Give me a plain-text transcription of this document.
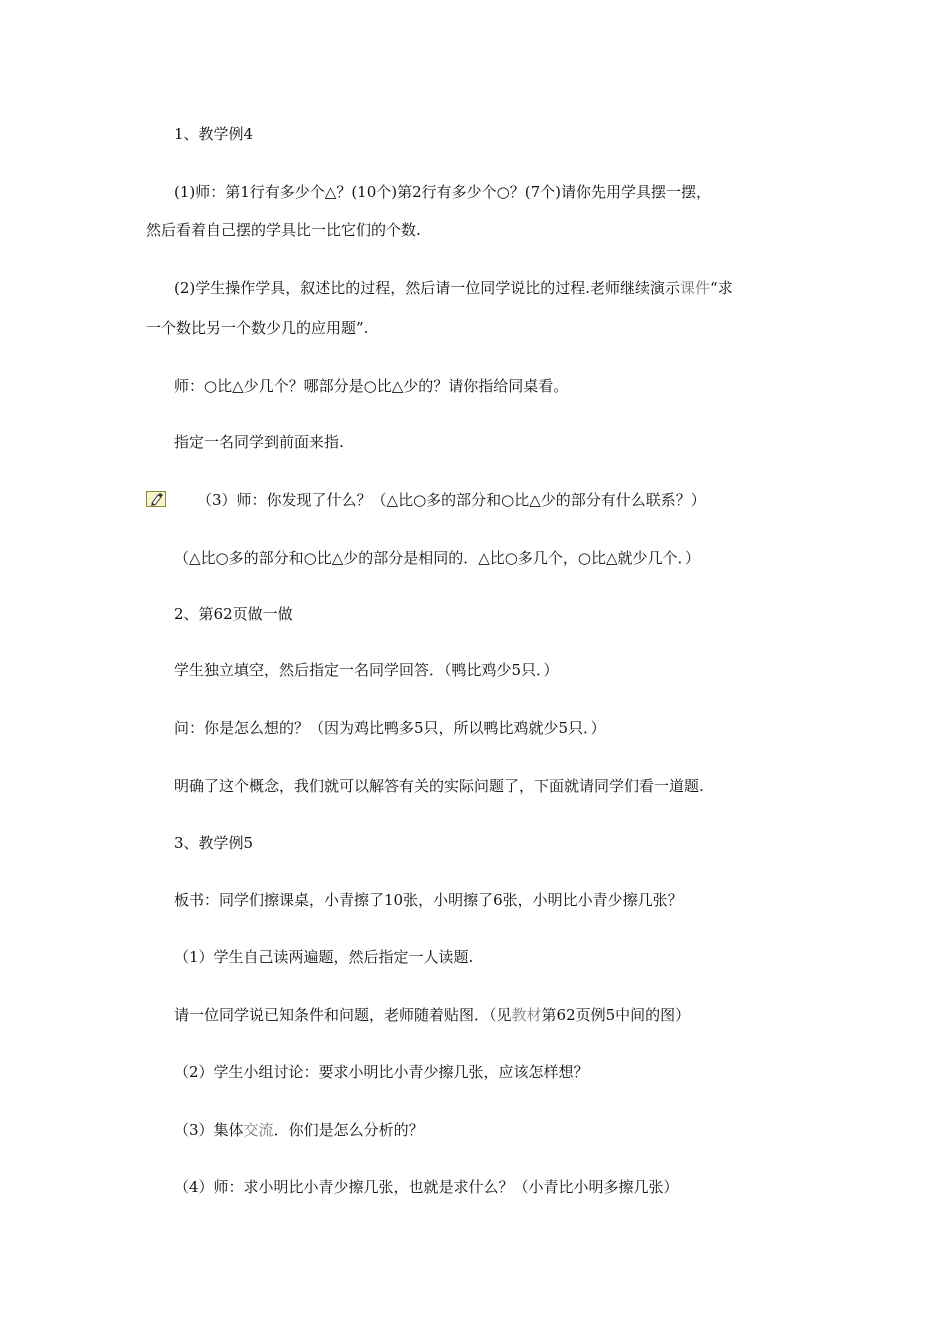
1、教学例4
(1)师：第1行有多少个△？(10个)第2行有多少个○？(7个)请你先用学具摆一摆，
然后看着自己摆的学具比一比它们的个数.
(2)学生操作学具，叙述比的过程，然后请一位同学说比的过程.老师继续演示课件“求
一个数比另一个数少几的应用题”.
师：○比△少几个？哪部分是○比△少的？请你指给同桌看。
指定一名同学到前面来指.
（3）师：你发现了什么？（△比○多的部分和○比△少的部分有什么联系？）
（△比○多的部分和○比△少的部分是相同的．△比○多几个，○比△就少几个．）
2、第62页做一做
学生独立填空，然后指定一名同学回答．（鸭比鸡少5只．）
问：你是怎么想的？（因为鸡比鸭多5只，所以鸭比鸡就少5只．）
明确了这个概念，我们就可以解答有关的实际问题了，下面就请同学们看一道题.
3、教学例5
板书：同学们擦课桌，小青擦了10张，小明擦了6张，小明比小青少擦几张？
（1）学生自己读两遍题，然后指定一人读题.
请一位同学说已知条件和问题，老师随着贴图．（见教材第62页例5中间的图）
（2）学生小组讨论：要求小明比小青少擦几张，应该怎样想？
（3）集体交流．你们是怎么分析的？
（4）师：求小明比小青少擦几张，也就是求什么？（小青比小明多擦几张）
